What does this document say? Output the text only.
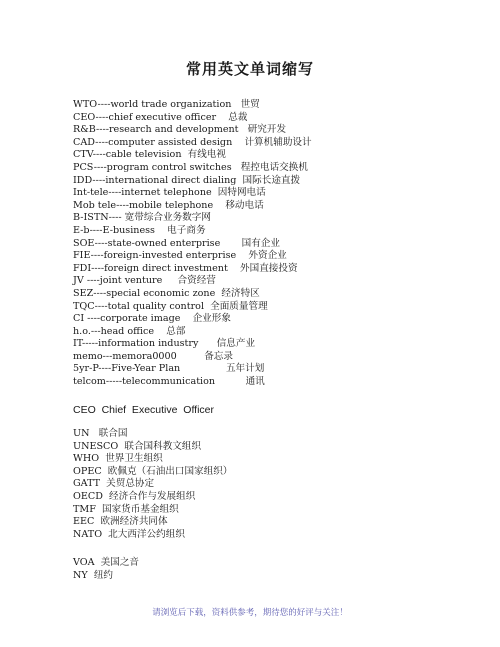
常用英文单词缩写
WTO----world trade organization   世贸
CEO----chief executive officer    总裁
R&B----research and development   研究开发
CAD----computer assisted design    计算机辅助设计
CTV----cable television  有线电视
PCS----program control switches   程控电话交换机
IDD----international direct dialing  国际长途直拨
Int-tele----internet telephone  因特网电话
Mob tele----mobile telephone    移动电话
B-ISTN---- 宽带综合业务数字网
E-b----E-business    电子商务
SOE----state-owned enterprise       国有企业
FIE----foreign-invested enterprise    外资企业
FDI----foreign direct investment    外国直接投资
JV ----joint venture     合资经营
SEZ----special economic zone  经济特区
TQC----total quality control  全面质量管理
CI ----corporate image    企业形象
h.o.---head office    总部
IT-----information industry      信息产业
memo---memora0000         备忘录
5yr-P----Five-Year Plan               五年计划
telcom-----telecommunication          通讯
CEO  Chief  Executive  Officer
UN   联合国
UNESCO  联合国科教文组织
WHO  世界卫生组织
OPEC  欧佩克（石油出口国家组织）
GATT  关贸总协定
OECD  经济合作与发展组织
TMF  国家货币基金组织
EEC  欧洲经济共同体
NATO  北大西洋公约组织
VOA  美国之音
NY  纽约
请浏览后下载，资料供参考，期待您的好评与关注！
